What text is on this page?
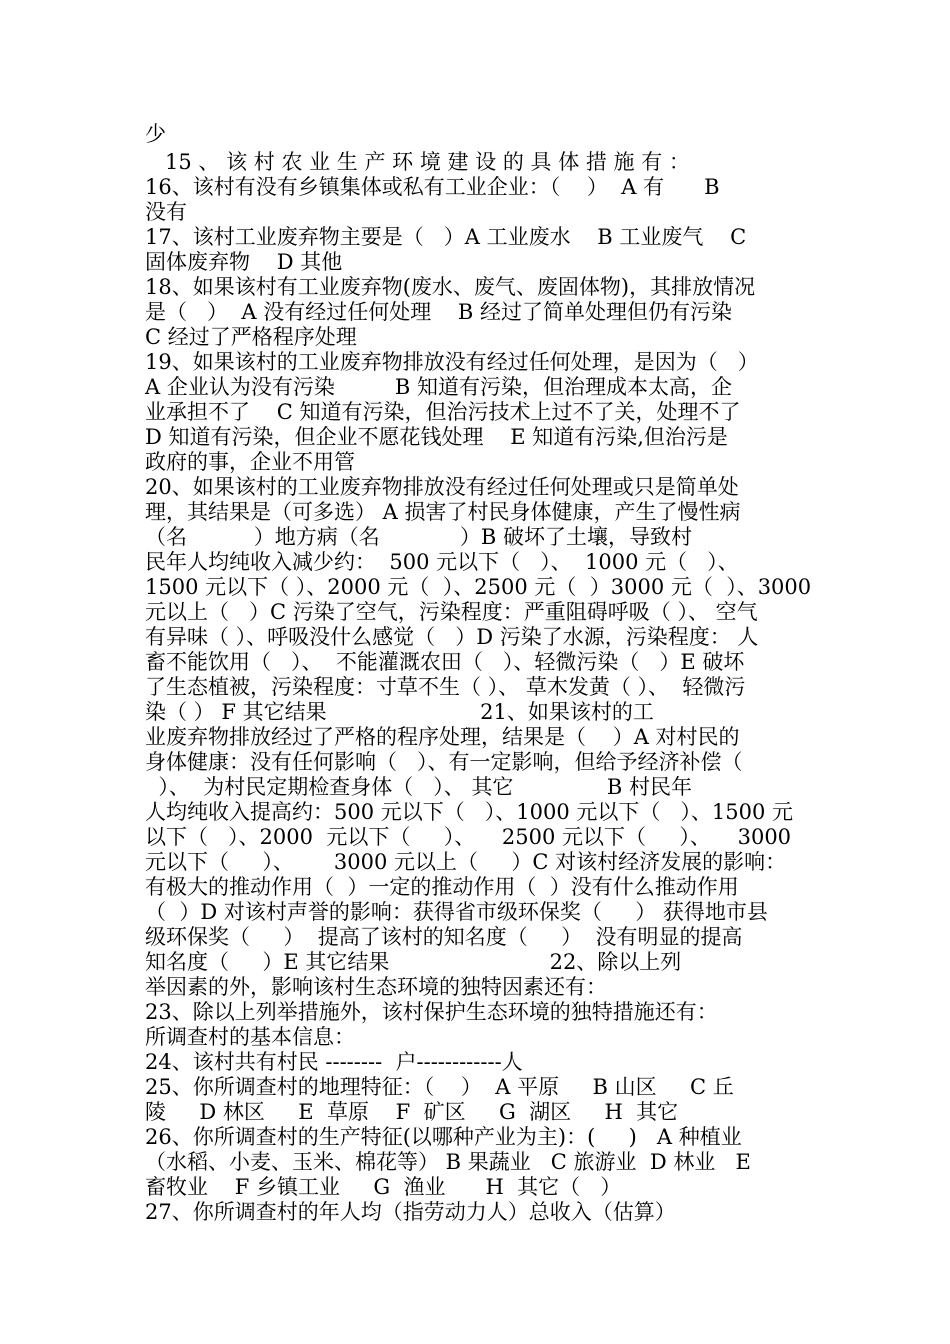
少
15 、 该 村 农 业 生 产 环 境 建 设 的 具 体 措 施 有 ：
16、该村有没有乡镇集体或私有工业企业：（    ）  A 有      B
没有
17、该村工业废弃物主要是（   ）A 工业废水    B 工业废气    C
固体废弃物    D 其他
18、如果该村有工业废弃物(废水、废气、废固体物)，其排放情况
是（   ）  A 没有经过任何处理    B 经过了简单处理但仍有污染
C 经过了严格程序处理
19、如果该村的工业废弃物排放没有经过任何处理，是因为（   ）
A 企业认为没有污染         B 知道有污染，但治理成本太高，企
业承担不了    C 知道有污染，但治污技术上过不了关，处理不了
D 知道有污染，但企业不愿花钱处理    E 知道有污染,但治污是
政府的事，企业不用管
20、如果该村的工业废弃物排放没有经过任何处理或只是简单处
理，其结果是（可多选） A 损害了村民身体健康，产生了慢性病
（名          ）地方病（名            ）B 破坏了土壤，导致村
民年人均纯收入减少约：  500 元以下（   ）、  1000 元（   ）、
1500 元以下（ ）、2000 元（  ）、2500 元（  ）3000 元（  ）、3000
元以上（   ）C 污染了空气，污染程度：严重阻碍呼吸（ ）、 空气
有异味（ ）、呼吸没什么感觉（   ）D 污染了水源，污染程度： 人
畜不能饮用（   ）、  不能灌溉农田（   ）、轻微污染（   ）E 破坏
了生态植被，污染程度：寸草不生（ ）、 草木发黄（ ）、  轻微污
染（ ） F 其它结果                       21、如果该村的工
业废弃物排放经过了严格的程序处理，结果是（    ）A 对村民的
身体健康：没有任何影响（   ）、有一定影响，但给予经济补偿（
）、  为村民定期检查身体（   ）、 其它              B 村民年
人均纯收入提高约：500 元以下（   ）、1000 元以下（   ）、1500 元
以下（   ）、2000  元以下（     ）、    2500 元以下（     ）、    3000
元以下（     ）、      3000 元以上（     ）C 对该村经济发展的影响：
有极大的推动作用（  ）一定的推动作用（  ）没有什么推动作用
（  ）D 对该村声誉的影响：获得省市级环保奖（     ） 获得地市县
级环保奖（     ）  提高了该村的知名度（     ）  没有明显的提高
知名度（     ）E 其它结果                        22、除以上列
举因素的外，影响该村生态环境的独特因素还有：
23、除以上列举措施外，该村保护生态环境的独特措施还有：
所调查村的基本信息：
24、该村共有村民 --------  户------------人
25、你所调查村的地理特征：（    ）  A 平原     B 山区     C 丘
陵     D 林区     E  草原    F  矿区     G  湖区     H  其它
26、你所调查村的生产特征(以哪种产业为主)：(     )   A 种植业
（水稻、小麦、玉米、棉花等） B 果蔬业   C 旅游业  D 林业   E
畜牧业    F 乡镇工业     G  渔业      H  其它（   ）
27、你所调查村的年人均（指劳动力人）总收入（估算）
